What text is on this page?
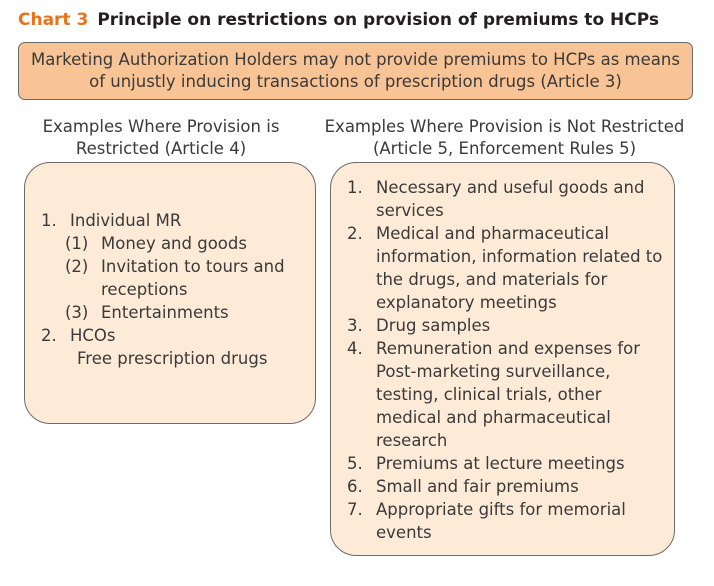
Chart 3 Principle on restrictions on provision of premiums to HCPs
Marketing Authorization Holders may not provide premiums to HCPs as means of unjustly inducing transactions of prescription drugs (Article 3)
Examples Where Provision is Restricted (Article 4)
Examples Where Provision is Not Restricted (Article 5, Enforcement Rules 5)
1. Individual MR
(1) Money and goods
(2) Invitation to tours and receptions
(3) Entertainments
2. HCOs
Free prescription drugs
1. Necessary and useful goods and services
2. Medical and pharmaceutical information, information related to the drugs, and materials for explanatory meetings
3. Drug samples
4. Remuneration and expenses for Post-marketing surveillance, testing, clinical trials, other medical and pharmaceutical research
5. Premiums at lecture meetings
6. Small and fair premiums
7. Appropriate gifts for memorial events
